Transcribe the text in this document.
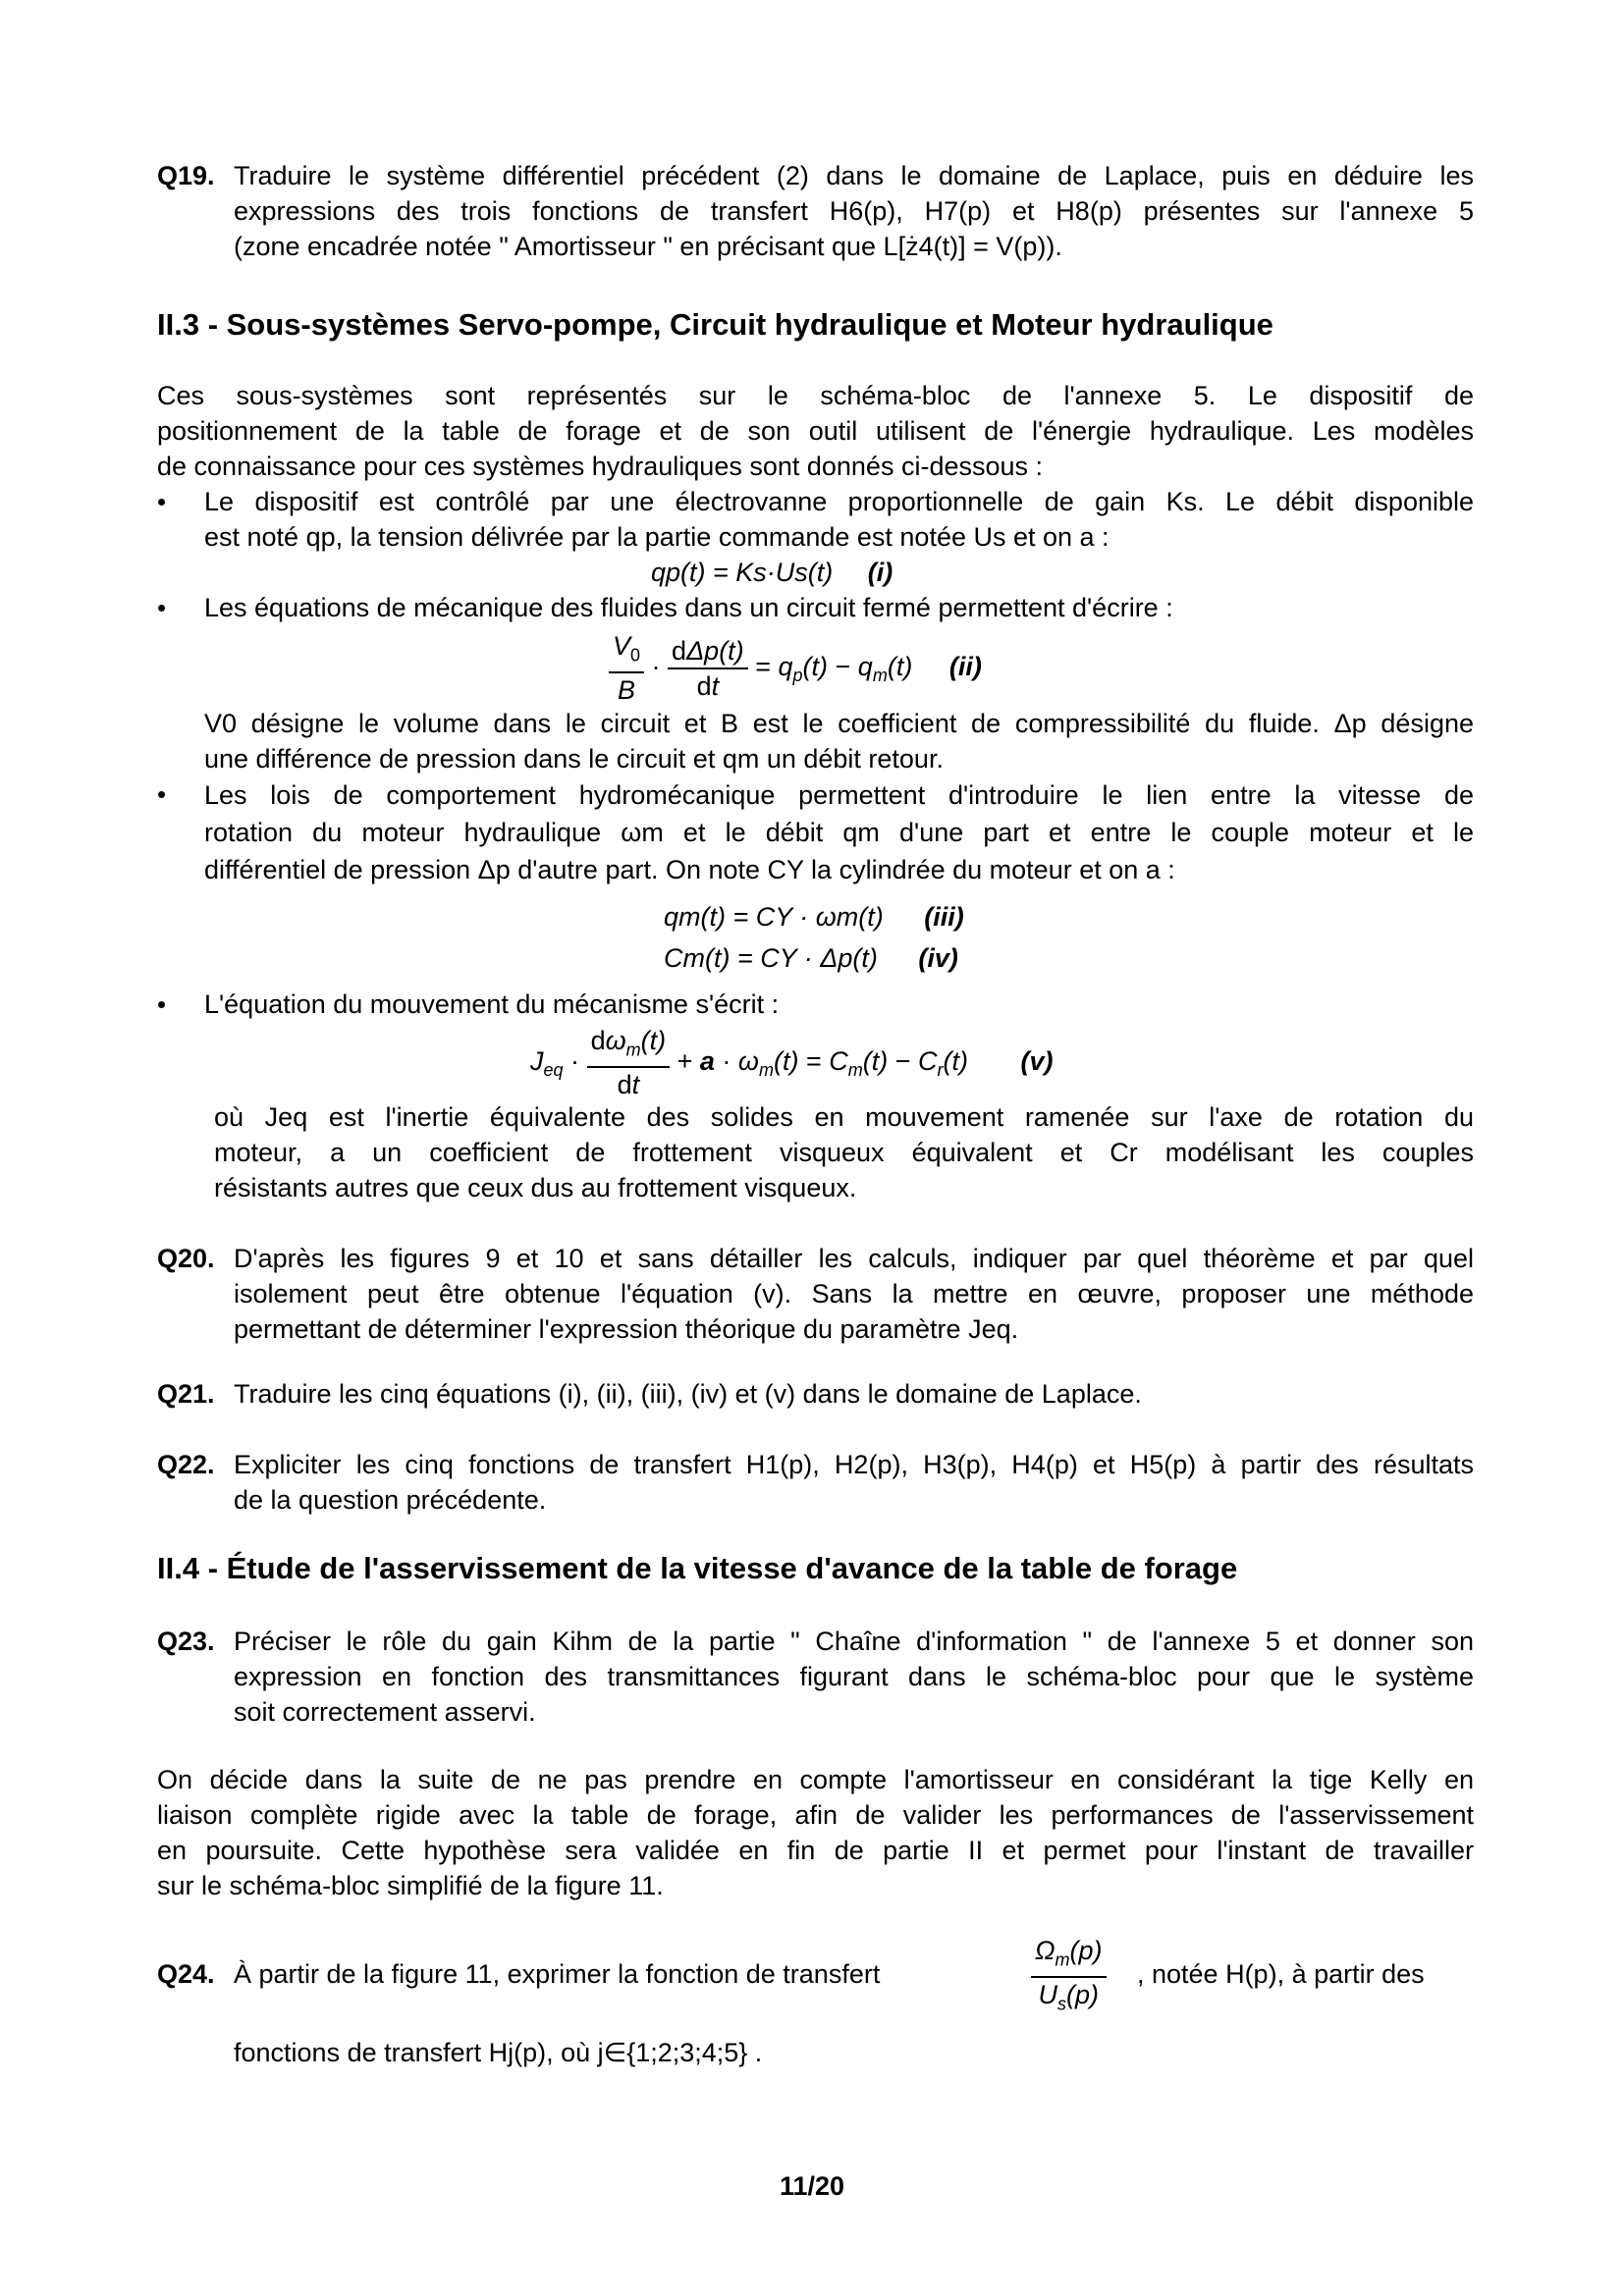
Q19. Traduire le système différentiel précédent (2) dans le domaine de Laplace, puis en déduire les
expressions des trois fonctions de transfert H6(p), H7(p) et H8(p) présentes sur l'annexe 5
(zone encadrée notée " Amortisseur " en précisant que L[ż4(t)] = V(p)).
II.3 - Sous-systèmes Servo-pompe, Circuit hydraulique et Moteur hydraulique
Ces sous-systèmes sont représentés sur le schéma-bloc de l'annexe 5. Le dispositif de
positionnement de la table de forage et de son outil utilisent de l'énergie hydraulique. Les modèles
de connaissance pour ces systèmes hydrauliques sont donnés ci-dessous :
• Le dispositif est contrôlé par une électrovanne proportionnelle de gain Ks. Le débit disponible
est noté qp, la tension délivrée par la partie commande est notée Us et on a :
qp(t) = Ks·Us(t) (i)
• Les équations de mécanique des fluides dans un circuit fermé permettent d'écrire :
$\frac{V_0}{B} \cdot \frac{\text{dΔp(t)}}{dt} = q_p(t) - q_m(t)$ (ii)
V0 désigne le volume dans le circuit et B est le coefficient de compressibilité du fluide. Δp désigne
une différence de pression dans le circuit et qm un débit retour.
• Les lois de comportement hydromécanique permettent d'introduire le lien entre la vitesse de
rotation du moteur hydraulique ωm et le débit qm d'une part et entre le couple moteur et le
différentiel de pression Δp d'autre part. On note CY la cylindrée du moteur et on a :
qm(t) = CY · ωm(t) (iii)
Cm(t) = CY · Δp(t) (iv)
• L'équation du mouvement du mécanisme s'écrit :
$J_{eq} \cdot \frac{d\omega_m(t)}{dt} + a \cdot \omega_m(t) = C_m(t) - C_r(t)$ (v)
où Jeq est l'inertie équivalente des solides en mouvement ramenée sur l'axe de rotation du
moteur, a un coefficient de frottement visqueux équivalent et Cr modélisant les couples
résistants autres que ceux dus au frottement visqueux.
Q20. D'après les figures 9 et 10 et sans détailler les calculs, indiquer par quel théorème et par quel
isolement peut être obtenue l'équation (v). Sans la mettre en œuvre, proposer une méthode
permettant de déterminer l'expression théorique du paramètre Jeq.
Q21. Traduire les cinq équations (i), (ii), (iii), (iv) et (v) dans le domaine de Laplace.
Q22. Expliciter les cinq fonctions de transfert H1(p), H2(p), H3(p), H4(p) et H5(p) à partir des résultats
de la question précédente.
II.4 - Étude de l'asservissement de la vitesse d'avance de la table de forage
Q23. Préciser le rôle du gain Kihm de la partie " Chaîne d'information " de l'annexe 5 et donner son
expression en fonction des transmittances figurant dans le schéma-bloc pour que le système
soit correctement asservi.
On décide dans la suite de ne pas prendre en compte l'amortisseur en considérant la tige Kelly en
liaison complète rigide avec la table de forage, afin de valider les performances de l'asservissement
en poursuite. Cette hypothèse sera validée en fin de partie II et permet pour l'instant de travailler
sur le schéma-bloc simplifié de la figure 11.
Q24. À partir de la figure 11, exprimer la fonction de transfert	$\frac{\Omega_m(p)}{U_s(p)}$ , notée H(p), à partir des
fonctions de transfert Hj(p), où j∈{1;2;3;4;5} .
11/20
